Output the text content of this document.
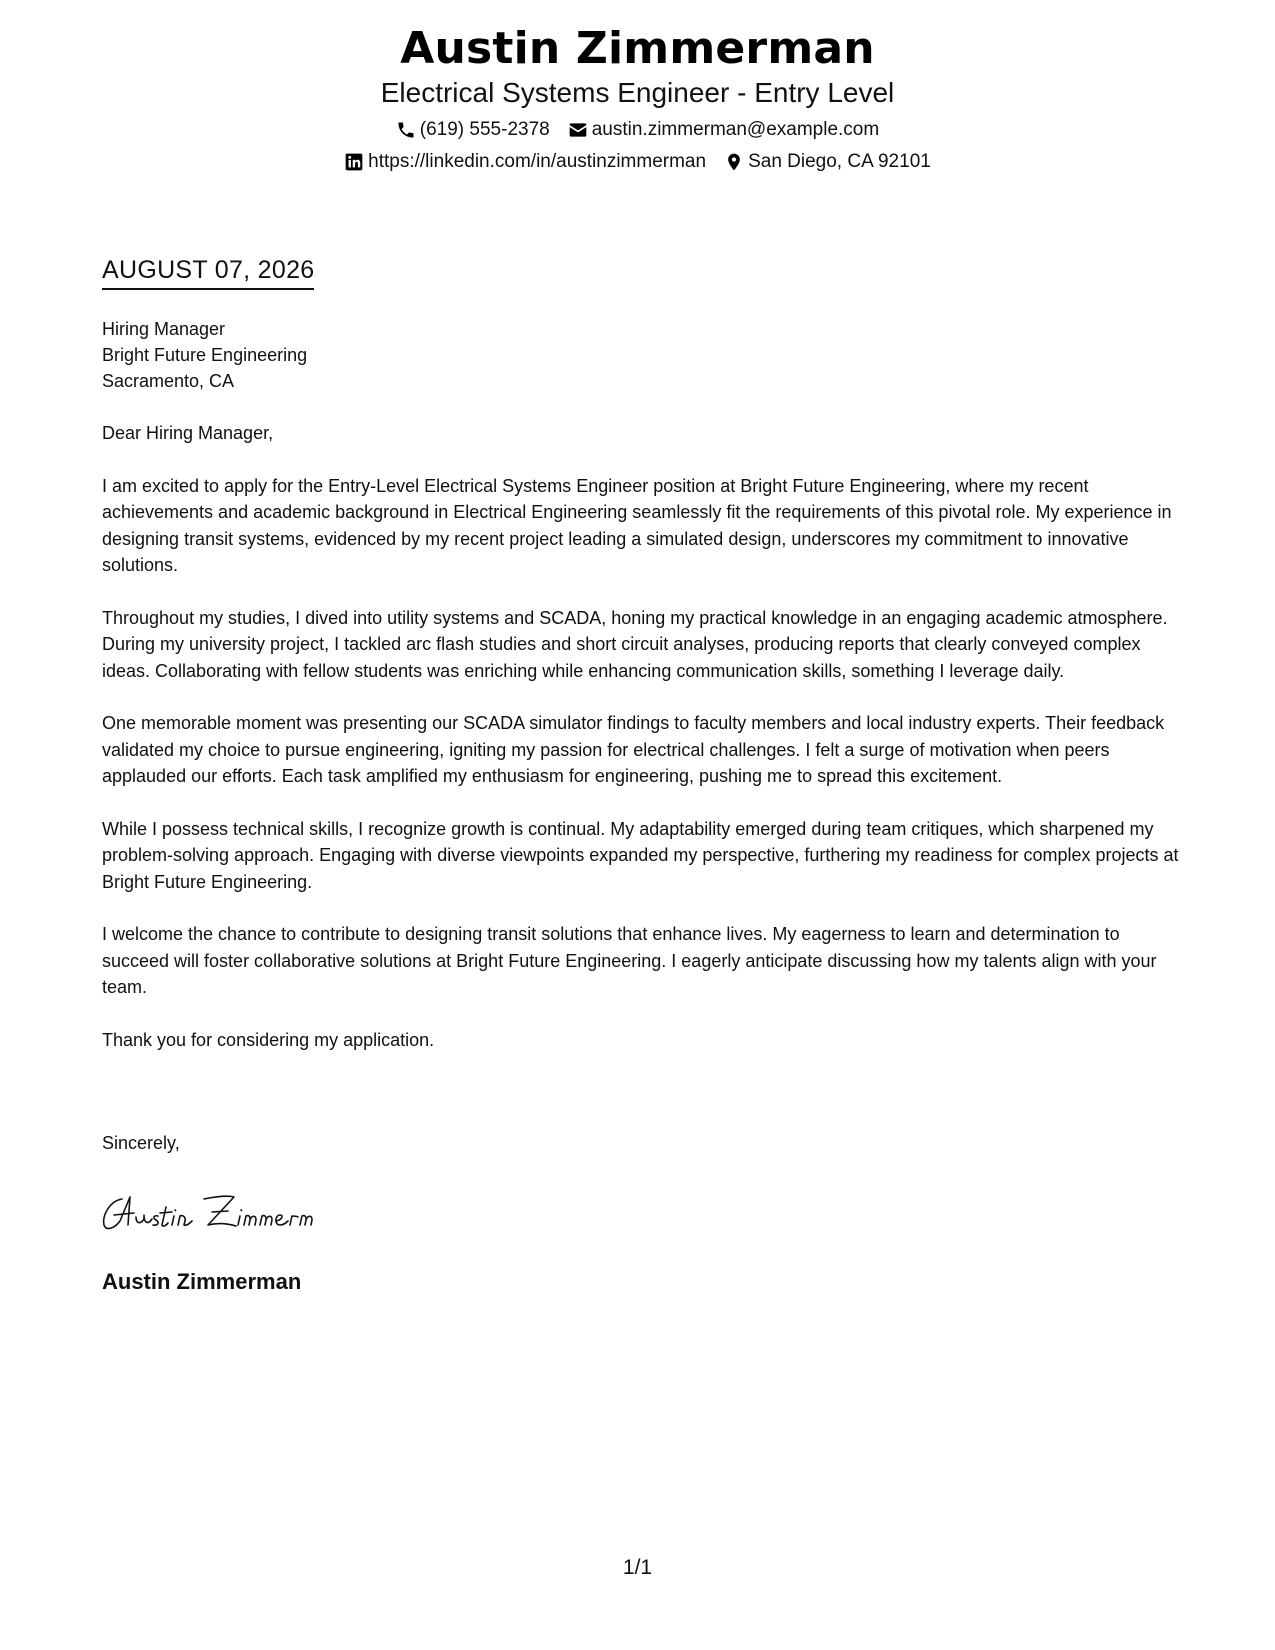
Austin Zimmerman
Electrical Systems Engineer - Entry Level
(619) 555-2378 austin.zimmerman@example.com
https://linkedin.com/in/austinzimmerman San Diego, CA 92101
AUGUST 07, 2026
Hiring Manager
Bright Future Engineering
Sacramento, CA

Dear Hiring Manager,

I am excited to apply for the Entry-Level Electrical Systems Engineer position at Bright Future Engineering, where my recent achievements and academic background in Electrical Engineering seamlessly fit the requirements of this pivotal role. My experience in designing transit systems, evidenced by my recent project leading a simulated design, underscores my commitment to innovative solutions.

Throughout my studies, I dived into utility systems and SCADA, honing my practical knowledge in an engaging academic atmosphere. During my university project, I tackled arc flash studies and short circuit analyses, producing reports that clearly conveyed complex ideas. Collaborating with fellow students was enriching while enhancing communication skills, something I leverage daily.

One memorable moment was presenting our SCADA simulator findings to faculty members and local industry experts. Their feedback validated my choice to pursue engineering, igniting my passion for electrical challenges. I felt a surge of motivation when peers applauded our efforts. Each task amplified my enthusiasm for engineering, pushing me to spread this excitement.

While I possess technical skills, I recognize growth is continual. My adaptability emerged during team critiques, which sharpened my problem-solving approach. Engaging with diverse viewpoints expanded my perspective, furthering my readiness for complex projects at Bright Future Engineering.

I welcome the chance to contribute to designing transit solutions that enhance lives. My eagerness to learn and determination to succeed will foster collaborative solutions at Bright Future Engineering. I eagerly anticipate discussing how my talents align with your team.

Thank you for considering my application.

Sincerely,
Austin Zimmerman
1/1
